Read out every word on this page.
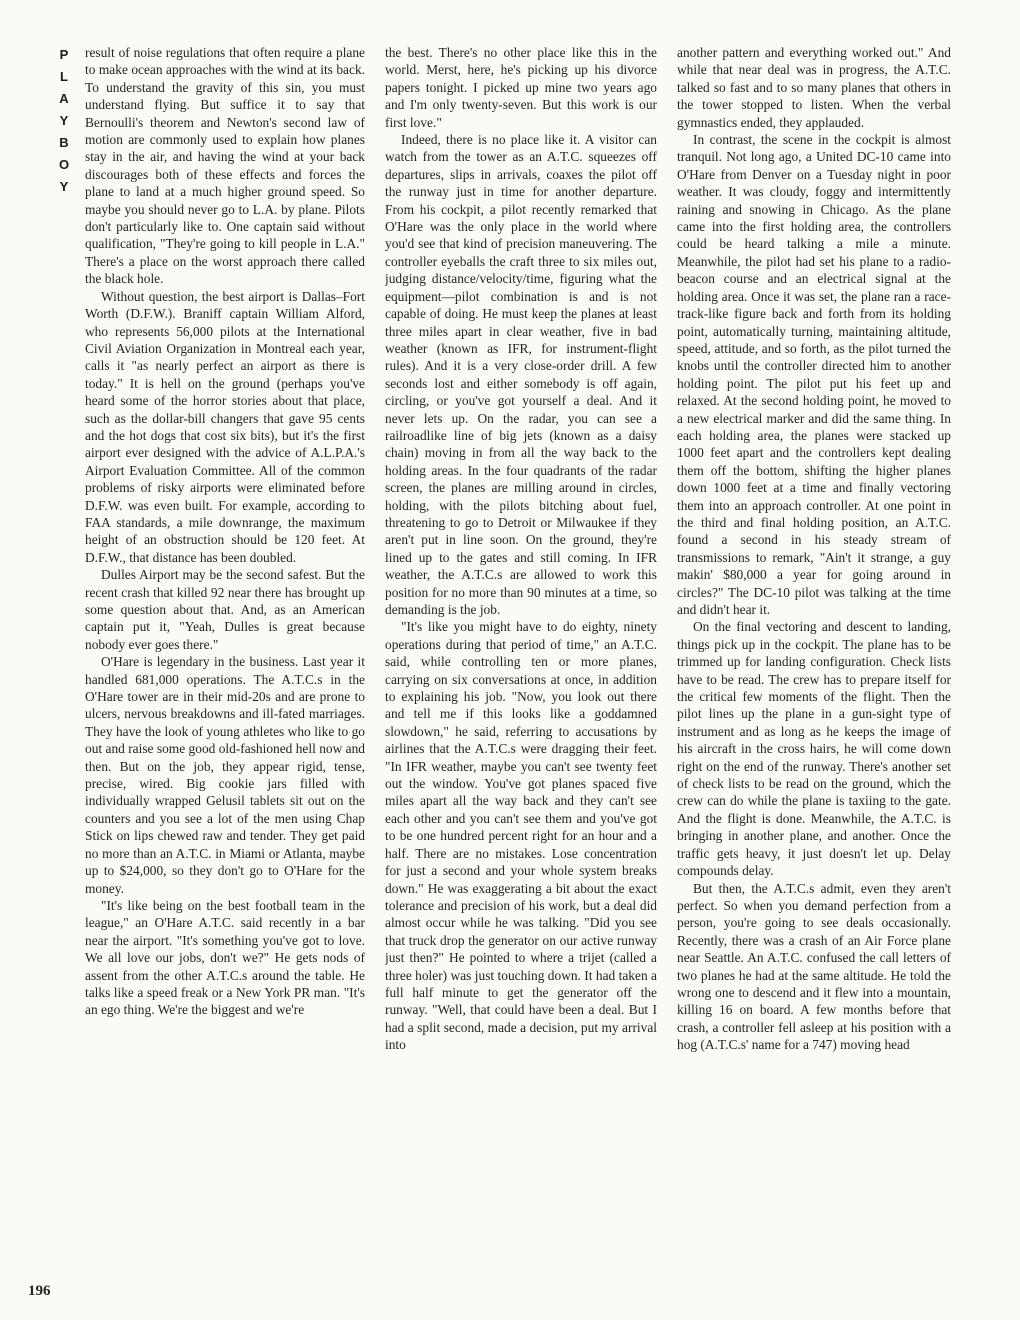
PLAYBOY

result of noise regulations that often require a plane to make ocean approaches with the wind at its back. To understand the gravity of this sin, you must understand flying. But suffice it to say that Bernoulli's theorem and Newton's second law of motion are commonly used to explain how planes stay in the air, and having the wind at your back discourages both of these effects and forces the plane to land at a much higher ground speed. So maybe you should never go to L.A. by plane. Pilots don't particularly like to. One captain said without qualification, "They're going to kill people in L.A." There's a place on the worst approach there called the black hole.

Without question, the best airport is Dallas–Fort Worth (D.F.W.). Braniff captain William Alford, who represents 56,000 pilots at the International Civil Aviation Organization in Montreal each year, calls it "as nearly perfect an airport as there is today." It is hell on the ground (perhaps you've heard some of the horror stories about that place, such as the dollar-bill changers that gave 95 cents and the hot dogs that cost six bits), but it's the first airport ever designed with the advice of A.L.P.A.'s Airport Evaluation Committee. All of the common problems of risky airports were eliminated before D.F.W. was even built. For example, according to FAA standards, a mile downrange, the maximum height of an obstruction should be 120 feet. At D.F.W., that distance has been doubled.

Dulles Airport may be the second safest. But the recent crash that killed 92 near there has brought up some question about that. And, as an American captain put it, "Yeah, Dulles is great because nobody ever goes there."

O'Hare is legendary in the business. Last year it handled 681,000 operations. The A.T.C.s in the O'Hare tower are in their mid-20s and are prone to ulcers, nervous breakdowns and ill-fated marriages. They have the look of young athletes who like to go out and raise some good old-fashioned hell now and then. But on the job, they appear rigid, tense, precise, wired. Big cookie jars filled with individually wrapped Gelusil tablets sit out on the counters and you see a lot of the men using Chap Stick on lips chewed raw and tender. They get paid no more than an A.T.C. in Miami or Atlanta, maybe up to $24,000, so they don't go to O'Hare for the money.

"It's like being on the best football team in the league," an O'Hare A.T.C. said recently in a bar near the airport. "It's something you've got to love. We all love our jobs, don't we?" He gets nods of assent from the other A.T.C.s around the table. He talks like a speed freak or a New York PR man. "It's an ego thing. We're the biggest and we're

the best. There's no other place like this in the world. Merst, here, he's picking up his divorce papers tonight. I picked up mine two years ago and I'm only twenty-seven. But this work is our first love."

Indeed, there is no place like it. A visitor can watch from the tower as an A.T.C. squeezes off departures, slips in arrivals, coaxes the pilot off the runway just in time for another departure. From his cockpit, a pilot recently remarked that O'Hare was the only place in the world where you'd see that kind of precision maneuvering. The controller eyeballs the craft three to six miles out, judging distance/velocity/time, figuring what the equipment—pilot combination is and is not capable of doing. He must keep the planes at least three miles apart in clear weather, five in bad weather (known as IFR, for instrument-flight rules). And it is a very close-order drill. A few seconds lost and either somebody is off again, circling, or you've got yourself a deal. And it never lets up. On the radar, you can see a railroadlike line of big jets (known as a daisy chain) moving in from all the way back to the holding areas. In the four quadrants of the radar screen, the planes are milling around in circles, holding, with the pilots bitching about fuel, threatening to go to Detroit or Milwaukee if they aren't put in line soon. On the ground, they're lined up to the gates and still coming. In IFR weather, the A.T.C.s are allowed to work this position for no more than 90 minutes at a time, so demanding is the job.

"It's like you might have to do eighty, ninety operations during that period of time," an A.T.C. said, while controlling ten or more planes, carrying on six conversations at once, in addition to explaining his job. "Now, you look out there and tell me if this looks like a goddamned slowdown," he said, referring to accusations by airlines that the A.T.C.s were dragging their feet. "In IFR weather, maybe you can't see twenty feet out the window. You've got planes spaced five miles apart all the way back and they can't see each other and you can't see them and you've got to be one hundred percent right for an hour and a half. There are no mistakes. Lose concentration for just a second and your whole system breaks down." He was exaggerating a bit about the exact tolerance and precision of his work, but a deal did almost occur while he was talking. "Did you see that truck drop the generator on our active runway just then?" He pointed to where a trijet (called a three holer) was just touching down. It had taken a full half minute to get the generator off the runway. "Well, that could have been a deal. But I had a split second, made a decision, put my arrival into

another pattern and everything worked out." And while that near deal was in progress, the A.T.C. talked so fast and to so many planes that others in the tower stopped to listen. When the verbal gymnastics ended, they applauded.

In contrast, the scene in the cockpit is almost tranquil. Not long ago, a United DC-10 came into O'Hare from Denver on a Tuesday night in poor weather. It was cloudy, foggy and intermittently raining and snowing in Chicago. As the plane came into the first holding area, the controllers could be heard talking a mile a minute. Meanwhile, the pilot had set his plane to a radio-beacon course and an electrical signal at the holding area. Once it was set, the plane ran a race-track-like figure back and forth from its holding point, automatically turning, maintaining altitude, speed, attitude, and so forth, as the pilot turned the knobs until the controller directed him to another holding point. The pilot put his feet up and relaxed. At the second holding point, he moved to a new electrical marker and did the same thing. In each holding area, the planes were stacked up 1000 feet apart and the controllers kept dealing them off the bottom, shifting the higher planes down 1000 feet at a time and finally vectoring them into an approach controller. At one point in the third and final holding position, an A.T.C. found a second in his steady stream of transmissions to remark, "Ain't it strange, a guy makin' $80,000 a year for going around in circles?" The DC-10 pilot was talking at the time and didn't hear it.

On the final vectoring and descent to landing, things pick up in the cockpit. The plane has to be trimmed up for landing configuration. Check lists have to be read. The crew has to prepare itself for the critical few moments of the flight. Then the pilot lines up the plane in a gun-sight type of instrument and as long as he keeps the image of his aircraft in the cross hairs, he will come down right on the end of the runway. There's another set of check lists to be read on the ground, which the crew can do while the plane is taxiing to the gate. And the flight is done. Meanwhile, the A.T.C. is bringing in another plane, and another. Once the traffic gets heavy, it just doesn't let up. Delay compounds delay.

But then, the A.T.C.s admit, even they aren't perfect. So when you demand perfection from a person, you're going to see deals occasionally. Recently, there was a crash of an Air Force plane near Seattle. An A.T.C. confused the call letters of two planes he had at the same altitude. He told the wrong one to descend and it flew into a mountain, killing 16 on board. A few months before that crash, a controller fell asleep at his position with a hog (A.T.C.s' name for a 747) moving head

196
